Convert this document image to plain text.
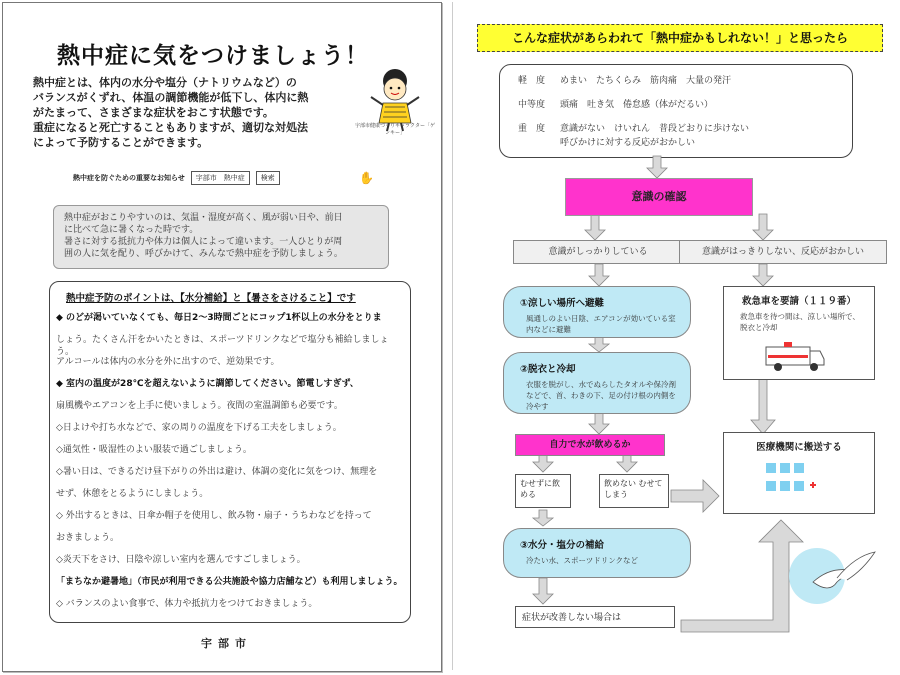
熱中症に気をつけましょう！
熱中症とは、体内の水分や塩分（ナトリウムなど）の
バランスがくずれ、体温の調節機能が低下し、体内に熱
がたまって、さまざまな症状をおこす状態です。
重症になると死亡することもありますが、適切な対処法
によって予防することができます。
宇部市健康づくりキャラクター「ゲンキー」
熱中症を防ぐための重要なお知らせ	宇部市　熱中症	検索	✋

熱中症がおこりやすいのは、気温・湿度が高く、風が弱い日や、前日
に比べて急に暑くなった時です。
暑さに対する抵抗力や体力は個人によって違います。一人ひとりが周
囲の人に気を配り、呼びかけて、みんなで熱中症を予防しましょう。

熱中症予防のポイントは、【水分補給】と【暑さをさけること】です
◆ のどが渇いていなくても、毎日2～3時間ごとにコップ1杯以上の水分をとりま
しょう。たくさん汗をかいたときは、スポーツドリンクなどで塩分も補給しましょう。
アルコールは体内の水分を外に出すので、逆効果です。
◆ 室内の温度が28℃を超えないように調節してください。節電しすぎず、
扇風機やエアコンを上手に使いましょう。夜間の室温調節も必要です。
◇日よけや打ち水などで、家の周りの温度を下げる工夫をしましょう。
◇通気性・吸湿性のよい服装で過ごしましょう。
◇暑い日は、できるだけ昼下がりの外出は避け、体調の変化に気をつけ、無理を
せず、休憩をとるようにしましょう。
◇ 外出するときは、日傘か帽子を使用し、飲み物・扇子・うちわなどを持って
おきましょう。
◇炎天下をさけ、日陰や涼しい室内を選んですごしましょう。
「まちなか避暑地」（市民が利用できる公共施設や協力店舗など）も利用しましょう。
◇ バランスのよい食事で、体力や抵抗力をつけておきましょう。
宇部市
こんな症状があらわれて「熱中症かもしれない！」と思ったら
軽　度 めまい　たちくらみ　筋肉痛　大量の発汗
中等度 頭痛　吐き気　倦怠感（体がだるい）
重　度 意識がない　けいれん　普段どおりに歩けない
呼びかけに対する反応がおかしい
意識の確認
意識がしっかりしている	意識がはっきりしない、反応がおかしい
①涼しい場所へ避難
風通しのよい日陰、エアコンが効いている室内などに避難
②脱衣と冷却
衣服を脱がし、水でぬらしたタオルや保冷剤などで、首、わきの下、足の付け根の内側を冷やす
自力で水が飲めるか
むせずに飲める
飲めない むせてしまう
③水分・塩分の補給
冷たい水、スポーツドリンクなど
症状が改善しない場合は
救急車を要請（１１９番）
救急車を待つ間は、涼しい場所で、脱衣と冷却
医療機関に搬送する
